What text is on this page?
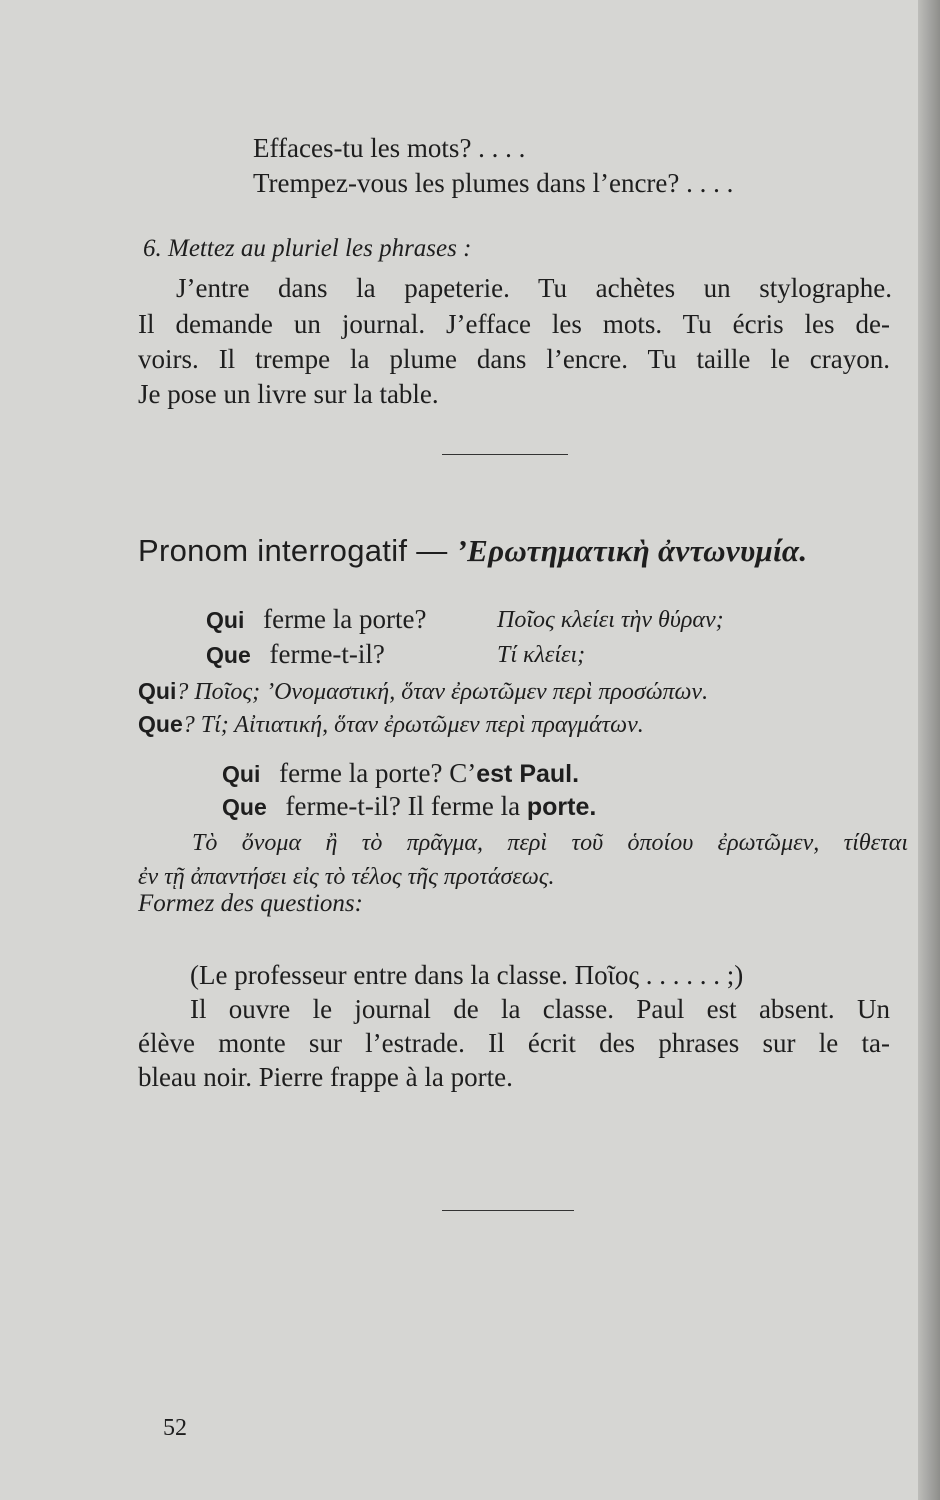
Effaces-tu les mots? . . . .
Trempez-vous les plumes dans l’encre? . . . .
6. Mettez au pluriel les phrases :
J’entre dans la papeterie. Tu achètes un stylographe.
Il demande un journal. J’efface les mots. Tu écris les de-
voirs. Il trempe la plume dans l’encre. Tu taille le crayon.
Je pose un livre sur la table.
Pronom interrogatif — ’Ερωτηματικὴ ἀντωνυμία.
Qui ferme la porte?	Ποῖος κλείει τὴν θύραν;
Que ferme-t-il?	Τί κλείει;
Qui? Ποῖος; ’Ονομαστική, ὅταν ἐρωτῶμεν περὶ προσώπων.
Que? Τί; Αἰτιατική, ὅταν ἐρωτῶμεν περὶ πραγμάτων.
Qui ferme la porte? C’est Paul.
Que ferme-t-il? Il ferme la porte.
Τὸ ὄνομα ἢ τὸ πρᾶγμα, περὶ τοῦ ὁποίου ἐρωτῶμεν, τίθεται
ἐν τῇ ἀπαντήσει εἰς τὸ τέλος τῆς προτάσεως.
Formez des questions:
(Le professeur entre dans la classe. Ποῖος . . . . . . ;)
Il ouvre le journal de la classe. Paul est absent. Un
élève monte sur l’estrade. Il écrit des phrases sur le ta-
bleau noir. Pierre frappe à la porte.
52
